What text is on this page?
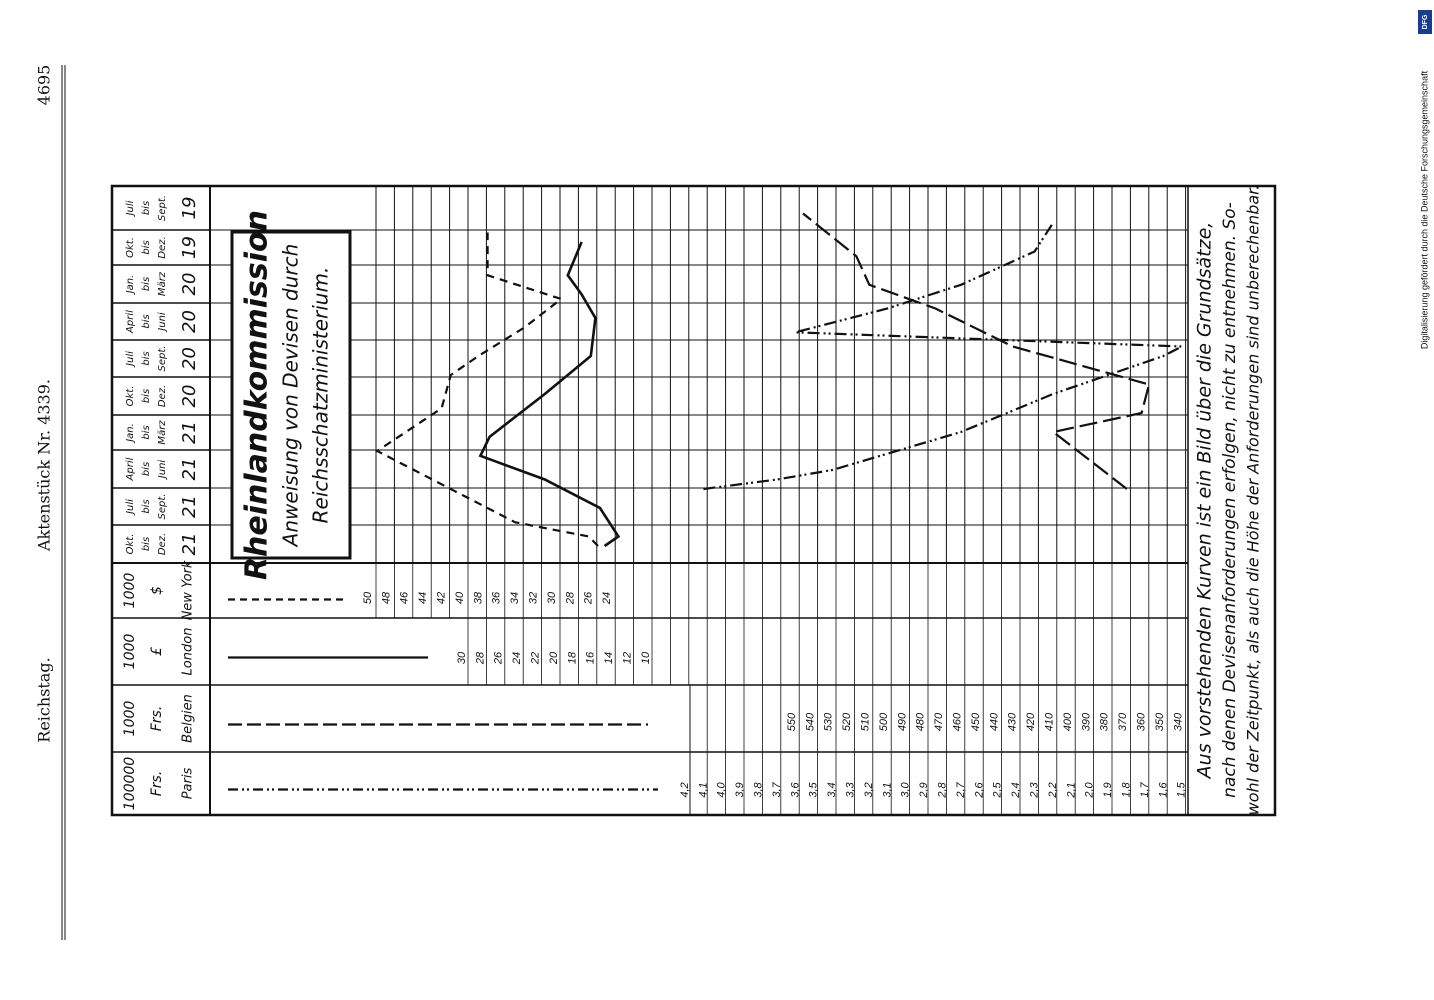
Reichstag.
Aktenstück Nr. 4339.
4695	Digitalisierung gefördert durch die Deutsche Forschungsgemeinschaft
DFG
Juli bis Sept. 19
Okt. bis Dez. 19
Jan. bis März 20
April bis Juni 20
Juli bis Sept. 20
Okt. bis Dez. 20
Jan. bis März 21
April bis Juni 21
Juli bis Sept. 21
Okt. bis Dez. 21
1000 $ New York
1000 £ London
1000 Frs. Belgien
100000 Frs. Paris
50 48 46 44 42 40 38 36 34 32 30 28 26 24
30 28 26 24 22 20 18 16 14 12 10
550 540 530 520 510 500 490 480 470 460 450 440 430 420 410 400 390 380 370 360 350 340
4,2 4,1 4,0 3,9 3,8 3,7 3,6 3,5 3,4 3,3 3,2 3,1 3,0 2,9 2,8 2,7 2,6 2,5 2,4 2,3 2,2 2,1 2,0 1,9 1,8 1,7 1,6 1,5
Rheinlandkommission Anweisung von Devisen durch Reichsschatzministerium.	Aus vorstehenden Kurven ist ein Bild über die Grundsätze, nach denen Devisenanforderungen erfolgen, nicht zu entnehmen. So- wohl der Zeitpunkt, als auch die Höhe der Anforderungen sind unberechenbar.
